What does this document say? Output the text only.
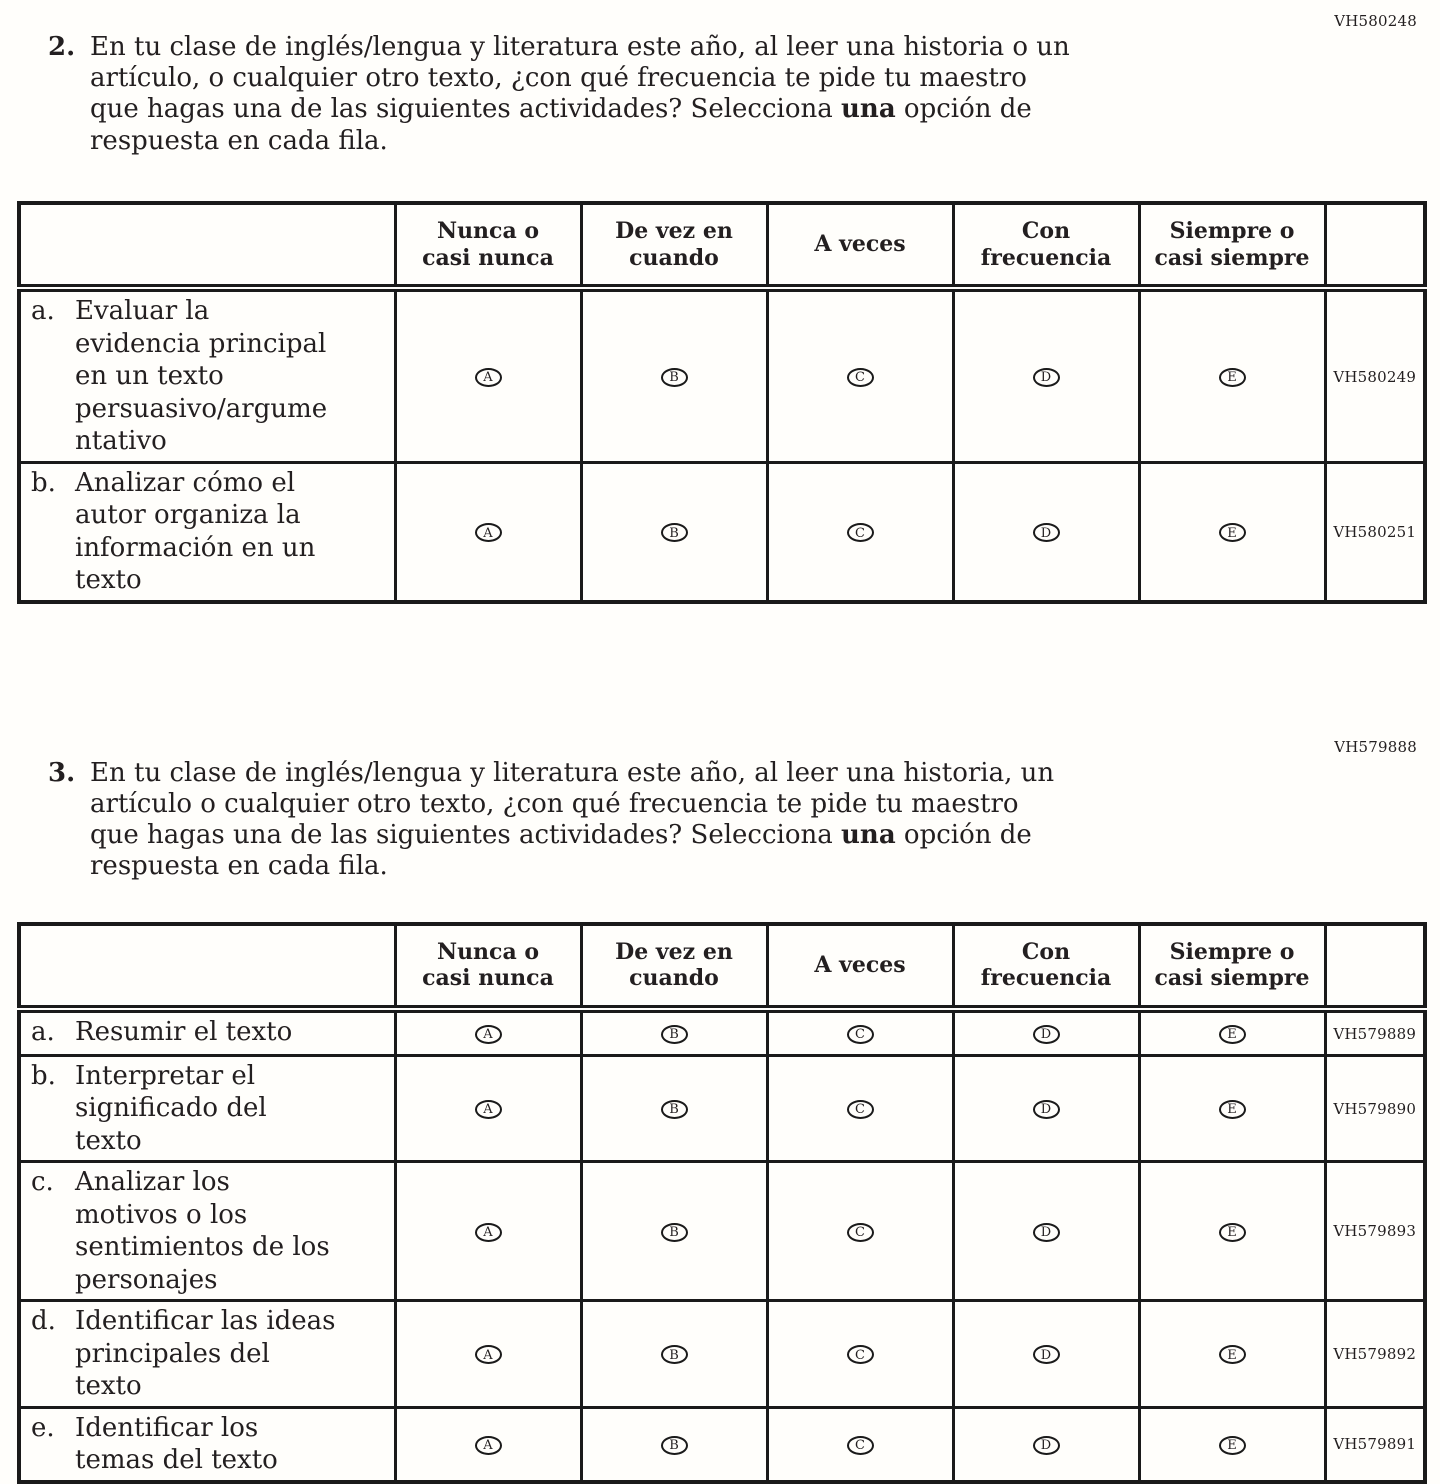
VH580248
2. En tu clase de inglés/lengua y literatura este año, al leer una historia o un artículo, o cualquier otro texto, ¿con qué frecuencia te pide tu maestro que hagas una de las siguientes actividades? Selecciona una opción de respuesta en cada fila.

	Nunca o
casi nunca	De vez en
cuando	A veces	Con
frecuencia	Siempre o
casi siempre	

a. Evaluar la evidencia principal en un texto persuasivo/argumentativo	A	B	C	D	E	VH580249

b. Analizar cómo el autor organiza la información en un texto	A	B	C	D	E	VH580251
VH579888
3. En tu clase de inglés/lengua y literatura este año, al leer una historia, un artículo o cualquier otro texto, ¿con qué frecuencia te pide tu maestro que hagas una de las siguientes actividades? Selecciona una opción de respuesta en cada fila.

	Nunca o
casi nunca	De vez en
cuando	A veces	Con
frecuencia	Siempre o
casi siempre	

a. Resumir el texto	A	B	C	D	E	VH579889

b. Interpretar el significado del texto	A	B	C	D	E	VH579890

c. Analizar los motivos o los sentimientos de los personajes	A	B	C	D	E	VH579893

d. Identificar las ideas principales del texto	A	B	C	D	E	VH579892

e. Identificar los temas del texto	A	B	C	D	E	VH579891
